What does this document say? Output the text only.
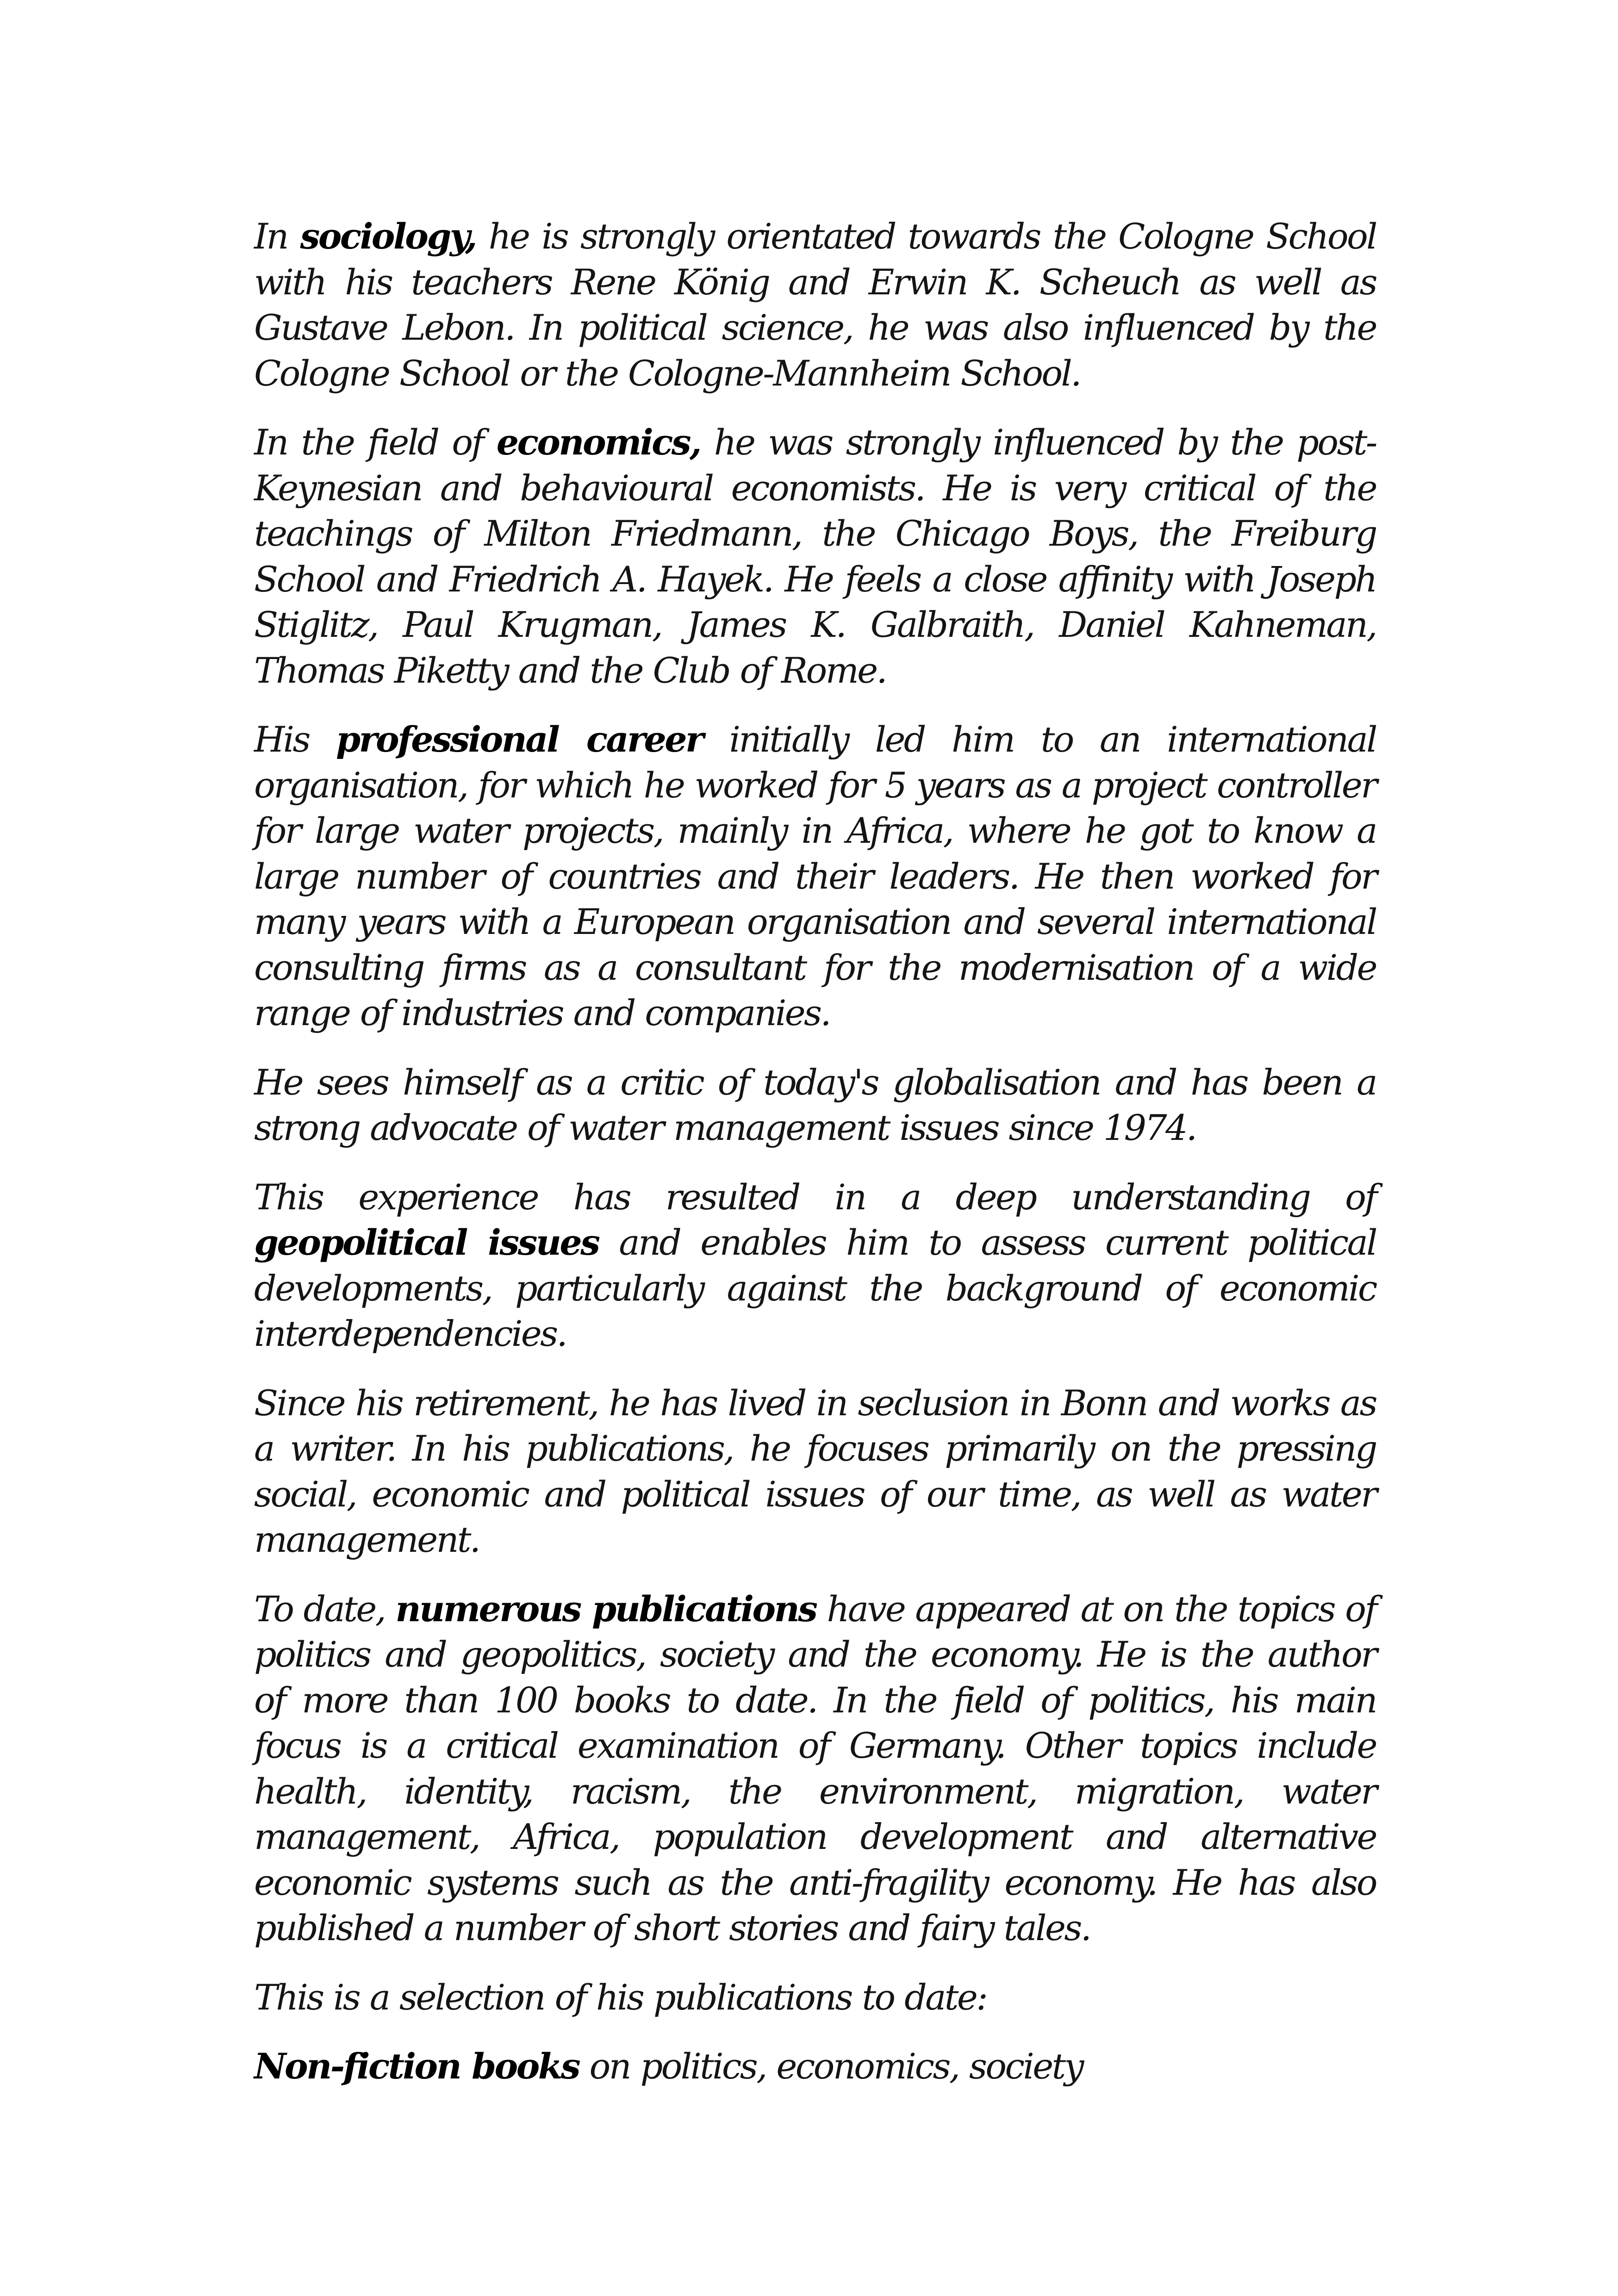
In sociology, he is strongly orientated towards the Cologne School with his teachers Rene König and Erwin K. Scheuch as well as Gustave Lebon. In political science, he was also influenced by the Cologne School or the Cologne-Mannheim School.

In the field of economics, he was strongly influenced by the post-Keynesian and behavioural economists. He is very critical of the teachings of Milton Friedmann, the Chicago Boys, the Freiburg School and Friedrich A. Hayek. He feels a close affinity with Joseph Stiglitz, Paul Krugman, James K. Galbraith, Daniel Kahneman, Thomas Piketty and the Club of Rome.

His professional career initially led him to an international organisation, for which he worked for 5 years as a project controller for large water projects, mainly in Africa, where he got to know a large number of countries and their leaders. He then worked for many years with a European organisation and several international consulting firms as a consultant for the modernisation of a wide range of industries and companies.

He sees himself as a critic of today's globalisation and has been a strong advocate of water management issues since 1974.

This experience has resulted in a deep understanding of geopolitical issues and enables him to assess current political developments, particularly against the background of economic interdependencies.

Since his retirement, he has lived in seclusion in Bonn and works as a writer. In his publications, he focuses primarily on the pressing social, economic and political issues of our time, as well as water management.

To date, numerous publications have appeared at on the topics of politics and geopolitics, society and the economy. He is the author of more than 100 books to date. In the field of politics, his main focus is a critical examination of Germany. Other topics include health, identity, racism, the environment, migration, water management, Africa, population development and alternative economic systems such as the anti-fragility economy. He has also published a number of short stories and fairy tales.

This is a selection of his publications to date:

Non-fiction books on politics, economics, society
